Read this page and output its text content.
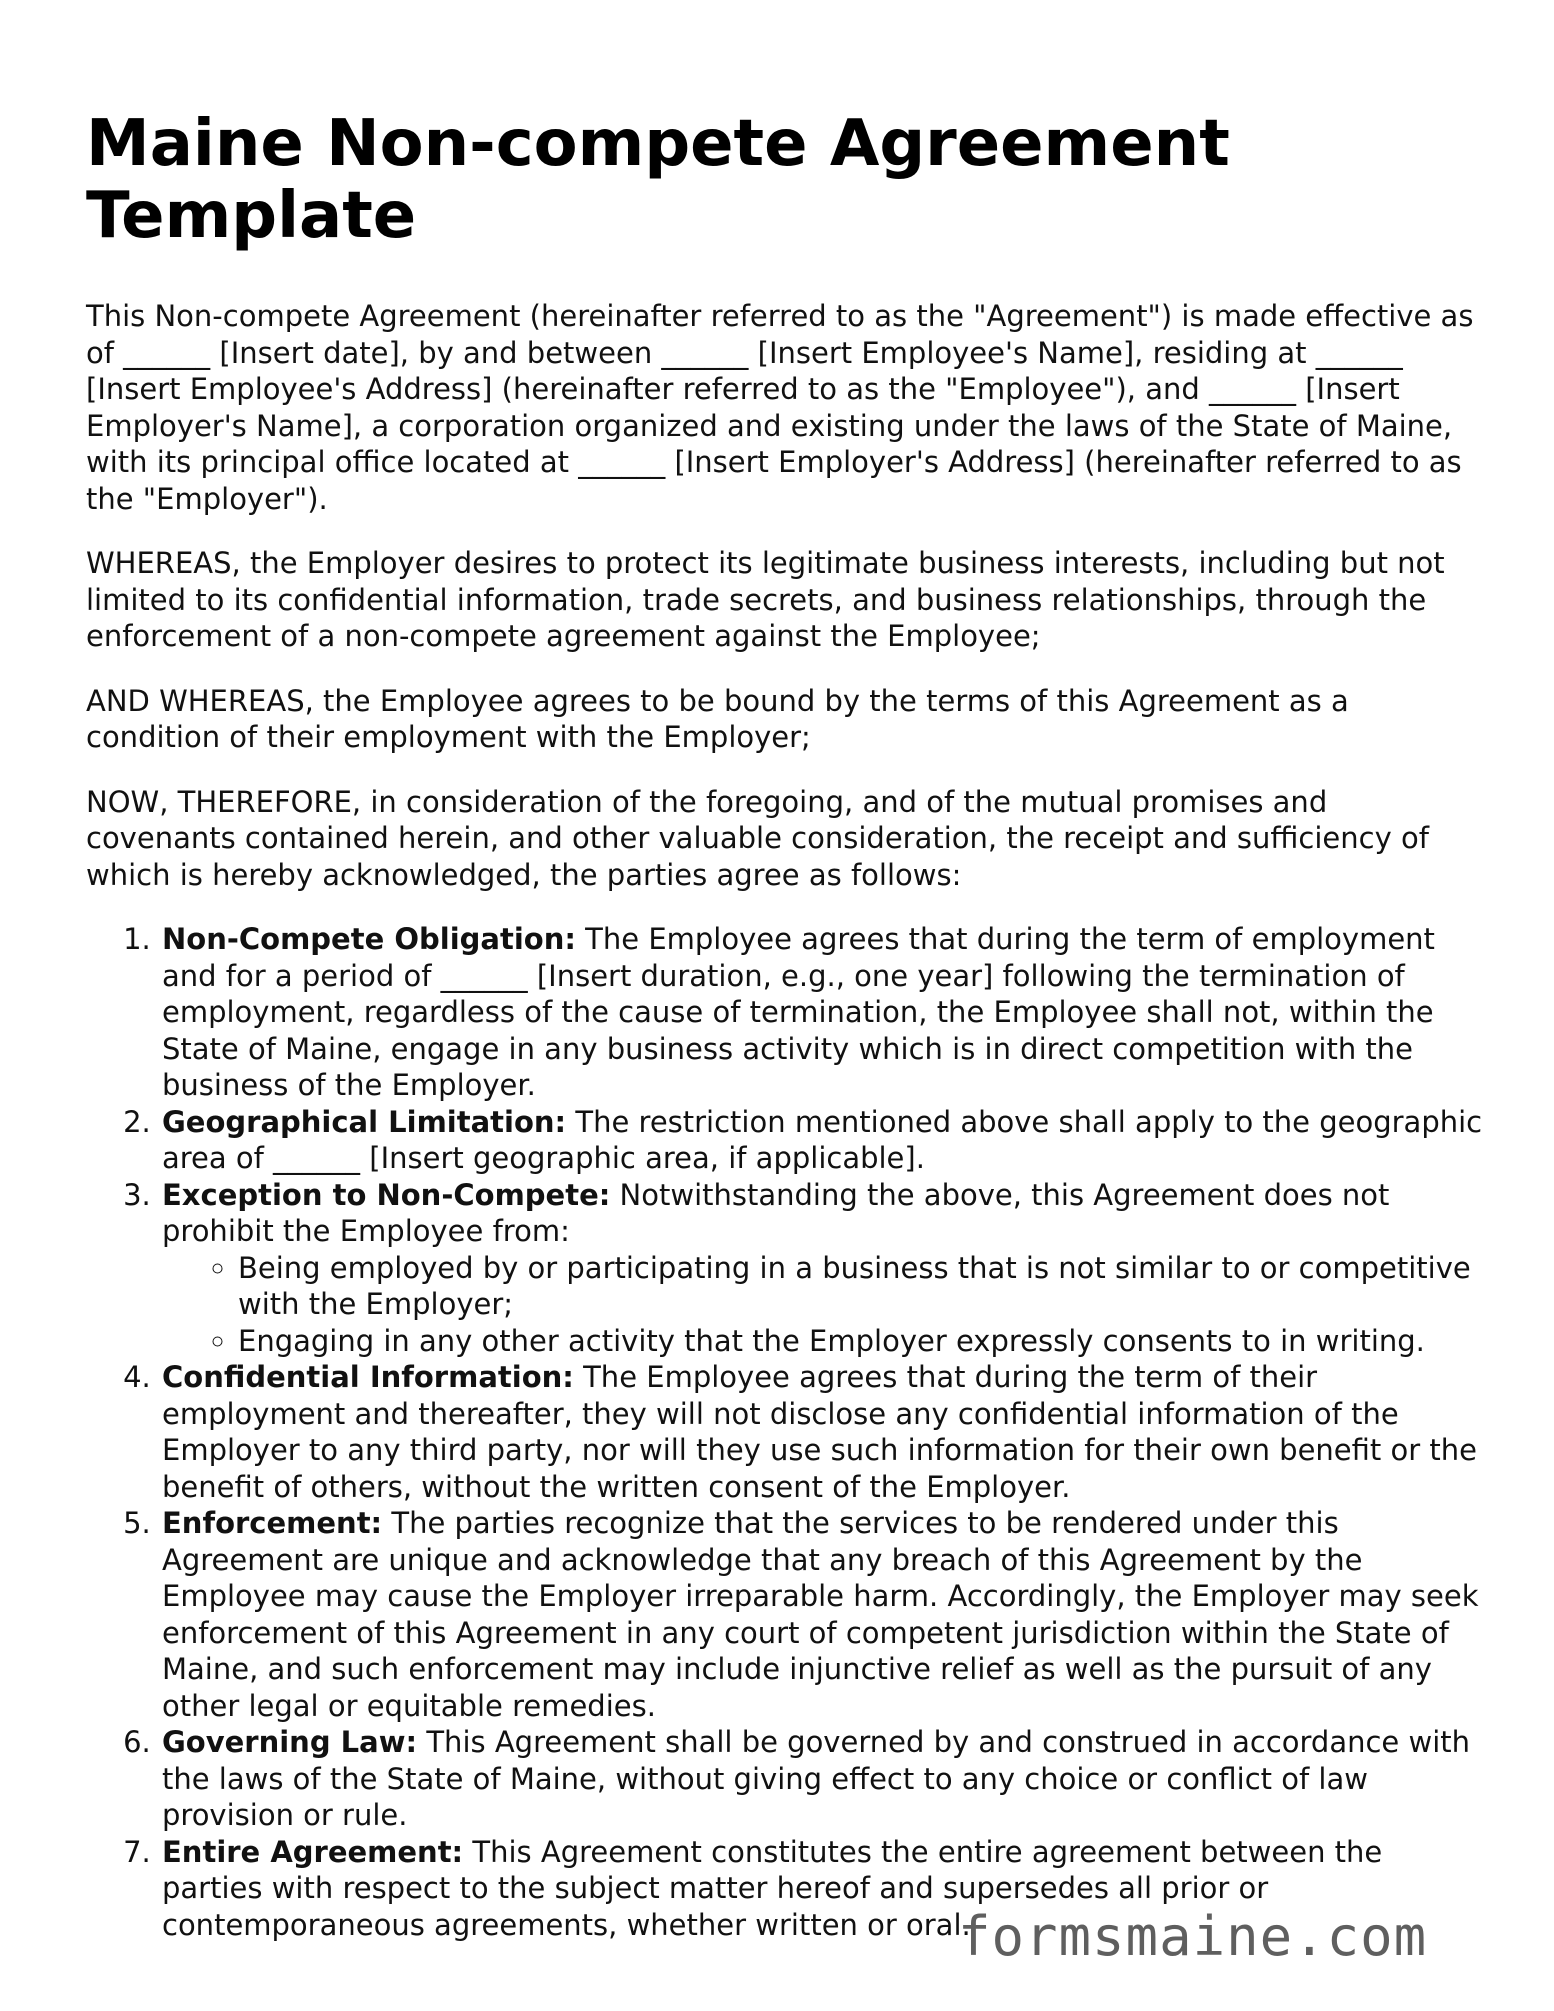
Maine Non-compete Agreement Template

This Non-compete Agreement (hereinafter referred to as the "Agreement") is made effective as of ______ [Insert date], by and between ______ [Insert Employee's Name], residing at ______ [Insert Employee's Address] (hereinafter referred to as the "Employee"), and ______ [Insert Employer's Name], a corporation organized and existing under the laws of the State of Maine, with its principal office located at ______ [Insert Employer's Address] (hereinafter referred to as the "Employer").

WHEREAS, the Employer desires to protect its legitimate business interests, including but not limited to its confidential information, trade secrets, and business relationships, through the enforcement of a non-compete agreement against the Employee;

AND WHEREAS, the Employee agrees to be bound by the terms of this Agreement as a condition of their employment with the Employer;

NOW, THEREFORE, in consideration of the foregoing, and of the mutual promises and covenants contained herein, and other valuable consideration, the receipt and sufficiency of which is hereby acknowledged, the parties agree as follows:

1. Non-Compete Obligation: The Employee agrees that during the term of employment and for a period of ______ [Insert duration, e.g., one year] following the termination of employment, regardless of the cause of termination, the Employee shall not, within the State of Maine, engage in any business activity which is in direct competition with the business of the Employer.
2. Geographical Limitation: The restriction mentioned above shall apply to the geographic area of ______ [Insert geographic area, if applicable].
3. Exception to Non-Compete: Notwithstanding the above, this Agreement does not prohibit the Employee from:
◦ Being employed by or participating in a business that is not similar to or competitive with the Employer;
◦ Engaging in any other activity that the Employer expressly consents to in writing.
4. Confidential Information: The Employee agrees that during the term of their employment and thereafter, they will not disclose any confidential information of the Employer to any third party, nor will they use such information for their own benefit or the benefit of others, without the written consent of the Employer.
5. Enforcement: The parties recognize that the services to be rendered under this Agreement are unique and acknowledge that any breach of this Agreement by the Employee may cause the Employer irreparable harm. Accordingly, the Employer may seek enforcement of this Agreement in any court of competent jurisdiction within the State of Maine, and such enforcement may include injunctive relief as well as the pursuit of any other legal or equitable remedies.
6. Governing Law: This Agreement shall be governed by and construed in accordance with the laws of the State of Maine, without giving effect to any choice or conflict of law provision or rule.
7. Entire Agreement: This Agreement constitutes the entire agreement between the parties with respect to the subject matter hereof and supersedes all prior or contemporaneous agreements, whether written or oral.
formsmaine.com
